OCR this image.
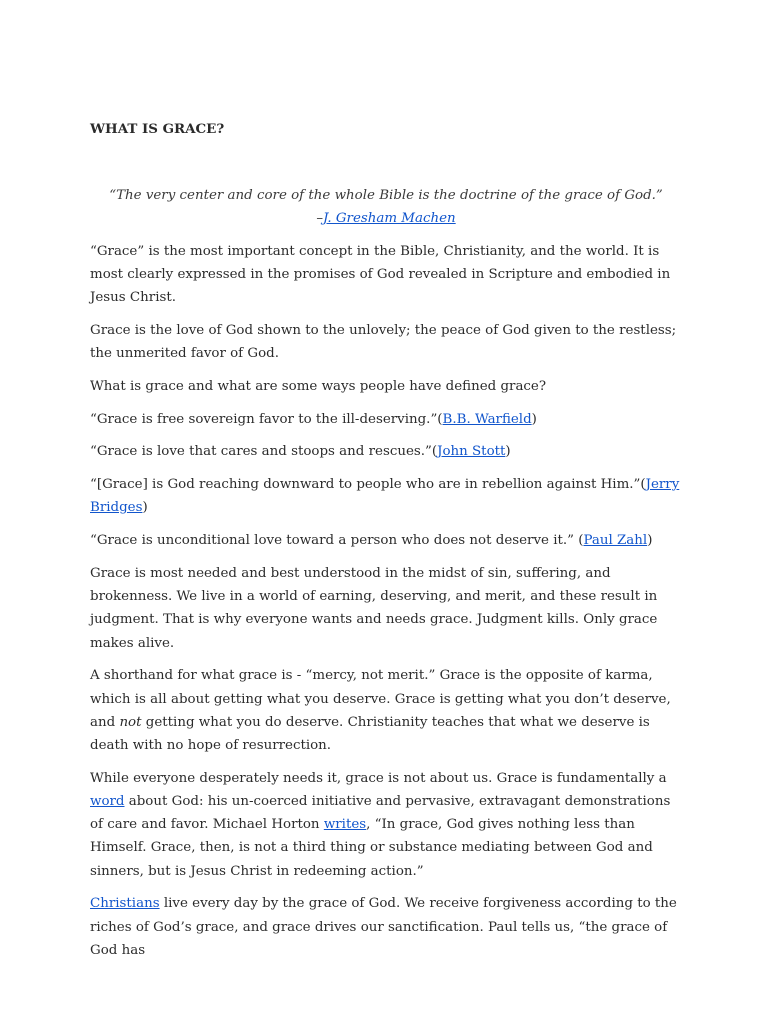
WHAT IS GRACE?
“The very center and core of the whole Bible is the doctrine of the grace of God.”
–J. Gresham Machen

“Grace” is the most important concept in the Bible, Christianity, and the world. It is most clearly expressed in the promises of God revealed in Scripture and embodied in Jesus Christ.

Grace is the love of God shown to the unlovely; the peace of God given to the restless; the unmerited favor of God.

What is grace and what are some ways people have defined grace?

“Grace is free sovereign favor to the ill-deserving.”(B.B. Warfield)

“Grace is love that cares and stoops and rescues.”(John Stott)

“[Grace] is God reaching downward to people who are in rebellion against Him.”(Jerry Bridges)

“Grace is unconditional love toward a person who does not deserve it.” (Paul Zahl)

Grace is most needed and best understood in the midst of sin, suffering, and brokenness. We live in a world of earning, deserving, and merit, and these result in judgment. That is why everyone wants and needs grace. Judgment kills. Only grace makes alive.

A shorthand for what grace is - “mercy, not merit.” Grace is the opposite of karma, which is all about getting what you deserve. Grace is getting what you don’t deserve, and not getting what you do deserve. Christianity teaches that what we deserve is death with no hope of resurrection.

While everyone desperately needs it, grace is not about us. Grace is fundamentally a word about God: his un-coerced initiative and pervasive, extravagant demonstrations of care and favor. Michael Horton writes, “In grace, God gives nothing less than Himself. Grace, then, is not a third thing or substance mediating between God and sinners, but is Jesus Christ in redeeming action.”

Christians live every day by the grace of God. We receive forgiveness according to the riches of God’s grace, and grace drives our sanctification. Paul tells us, “the grace of God has
